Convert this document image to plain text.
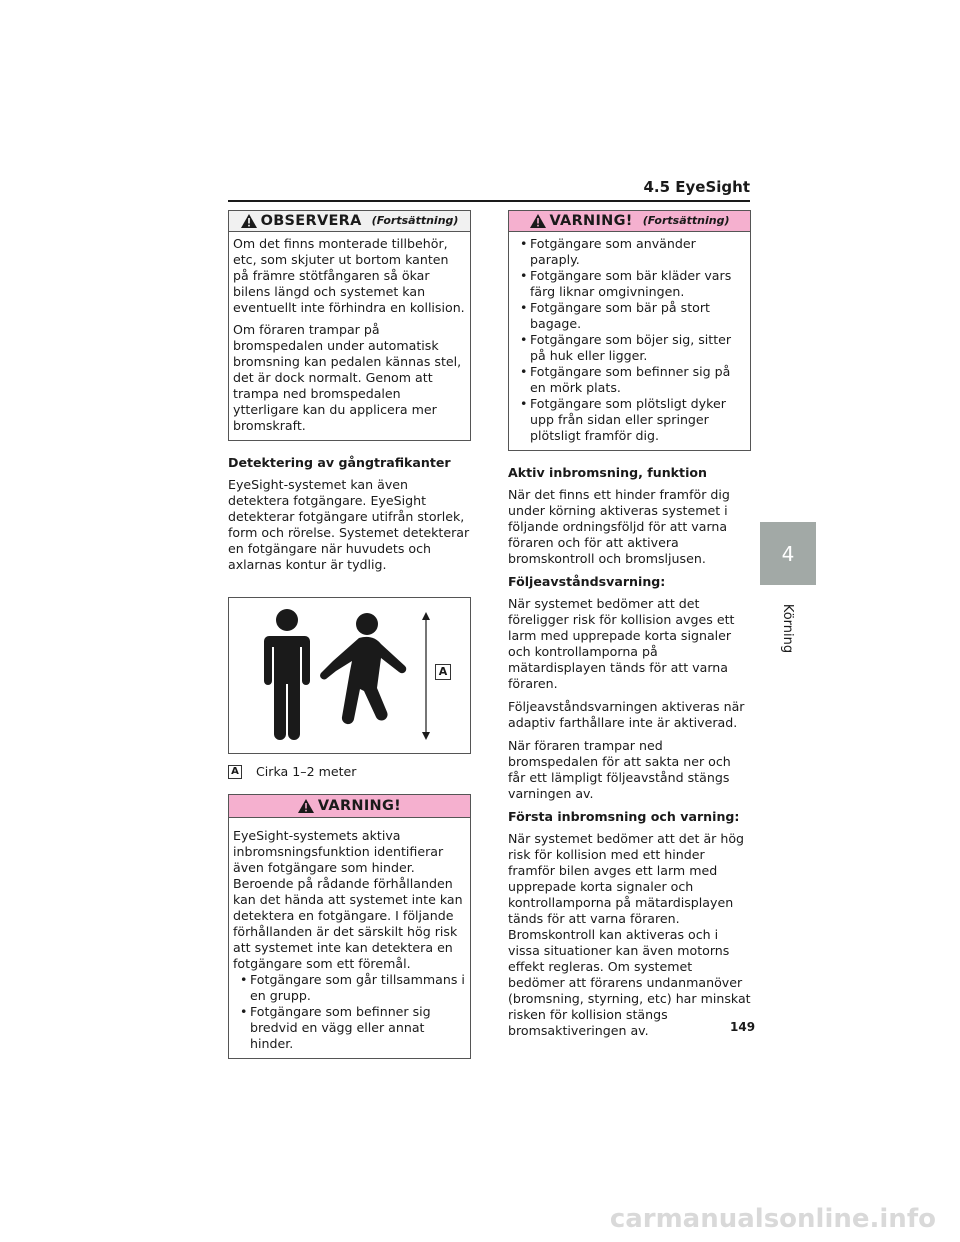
4.5 EyeSight
OBSERVERA (Fortsättning)

Om det finns monterade tillbehör, etc, som skjuter ut bortom kanten på främre stötfångaren så ökar bilens längd och systemet kan eventuellt inte förhindra en kollision.

Om föraren trampar på bromspedalen under automatisk bromsning kan pedalen kännas stel, det är dock normalt. Genom att trampa ned bromspedalen ytterligare kan du applicera mer bromskraft.

Detektering av gångtrafikanter

EyeSight-systemet kan även detektera fotgängare. EyeSight detekterar fotgängare utifrån storlek, form och rörelse. Systemet detekterar en fotgängare när huvudets och axlarnas kontur är tydlig.

A
A Cirka 1–2 meter
VARNING!

EyeSight-systemets aktiva inbromsningsfunktion identifierar även fotgängare som hinder. Beroende på rådande förhållanden kan det hända att systemet inte kan detektera en fotgängare. I följande förhållanden är det särskilt hög risk att systemet inte kan detektera en fotgängare som ett föremål.

• Fotgängare som går tillsammans i en grupp.
• Fotgängare som befinner sig bredvid en vägg eller annat hinder.
VARNING! (Fortsättning)
• Fotgängare som använder paraply.
• Fotgängare som bär kläder vars färg liknar omgivningen.
• Fotgängare som bär på stort bagage.
• Fotgängare som böjer sig, sitter på huk eller ligger.
• Fotgängare som befinner sig på en mörk plats.
• Fotgängare som plötsligt dyker upp från sidan eller springer plötsligt framför dig.
Aktiv inbromsning, funktion

När det finns ett hinder framför dig under körning aktiveras systemet i följande ordningsföljd för att varna föraren och för att aktivera bromskontroll och bromsljusen.

Följeavståndsvarning:

När systemet bedömer att det föreligger risk för kollision avges ett larm med upprepade korta signaler och kontrollamporna på mätardisplayen tänds för att varna föraren.

Följeavståndsvarningen aktiveras när adaptiv farthållare inte är aktiverad.

När föraren trampar ned bromspedalen för att sakta ner och får ett lämpligt följeavstånd stängs varningen av.

Första inbromsning och varning:

När systemet bedömer att det är hög risk för kollision med ett hinder framför bilen avges ett larm med upprepade korta signaler och kontrollamporna på mätardisplayen tänds för att varna föraren. Bromskontroll kan aktiveras och i vissa situationer kan även motorns effekt regleras. Om systemet bedömer att förarens undanmanöver (bromsning, styrning, etc) har minskat risken för kollision stängs bromsaktiveringen av.

4
Körning
149
carmanualsonline.info
